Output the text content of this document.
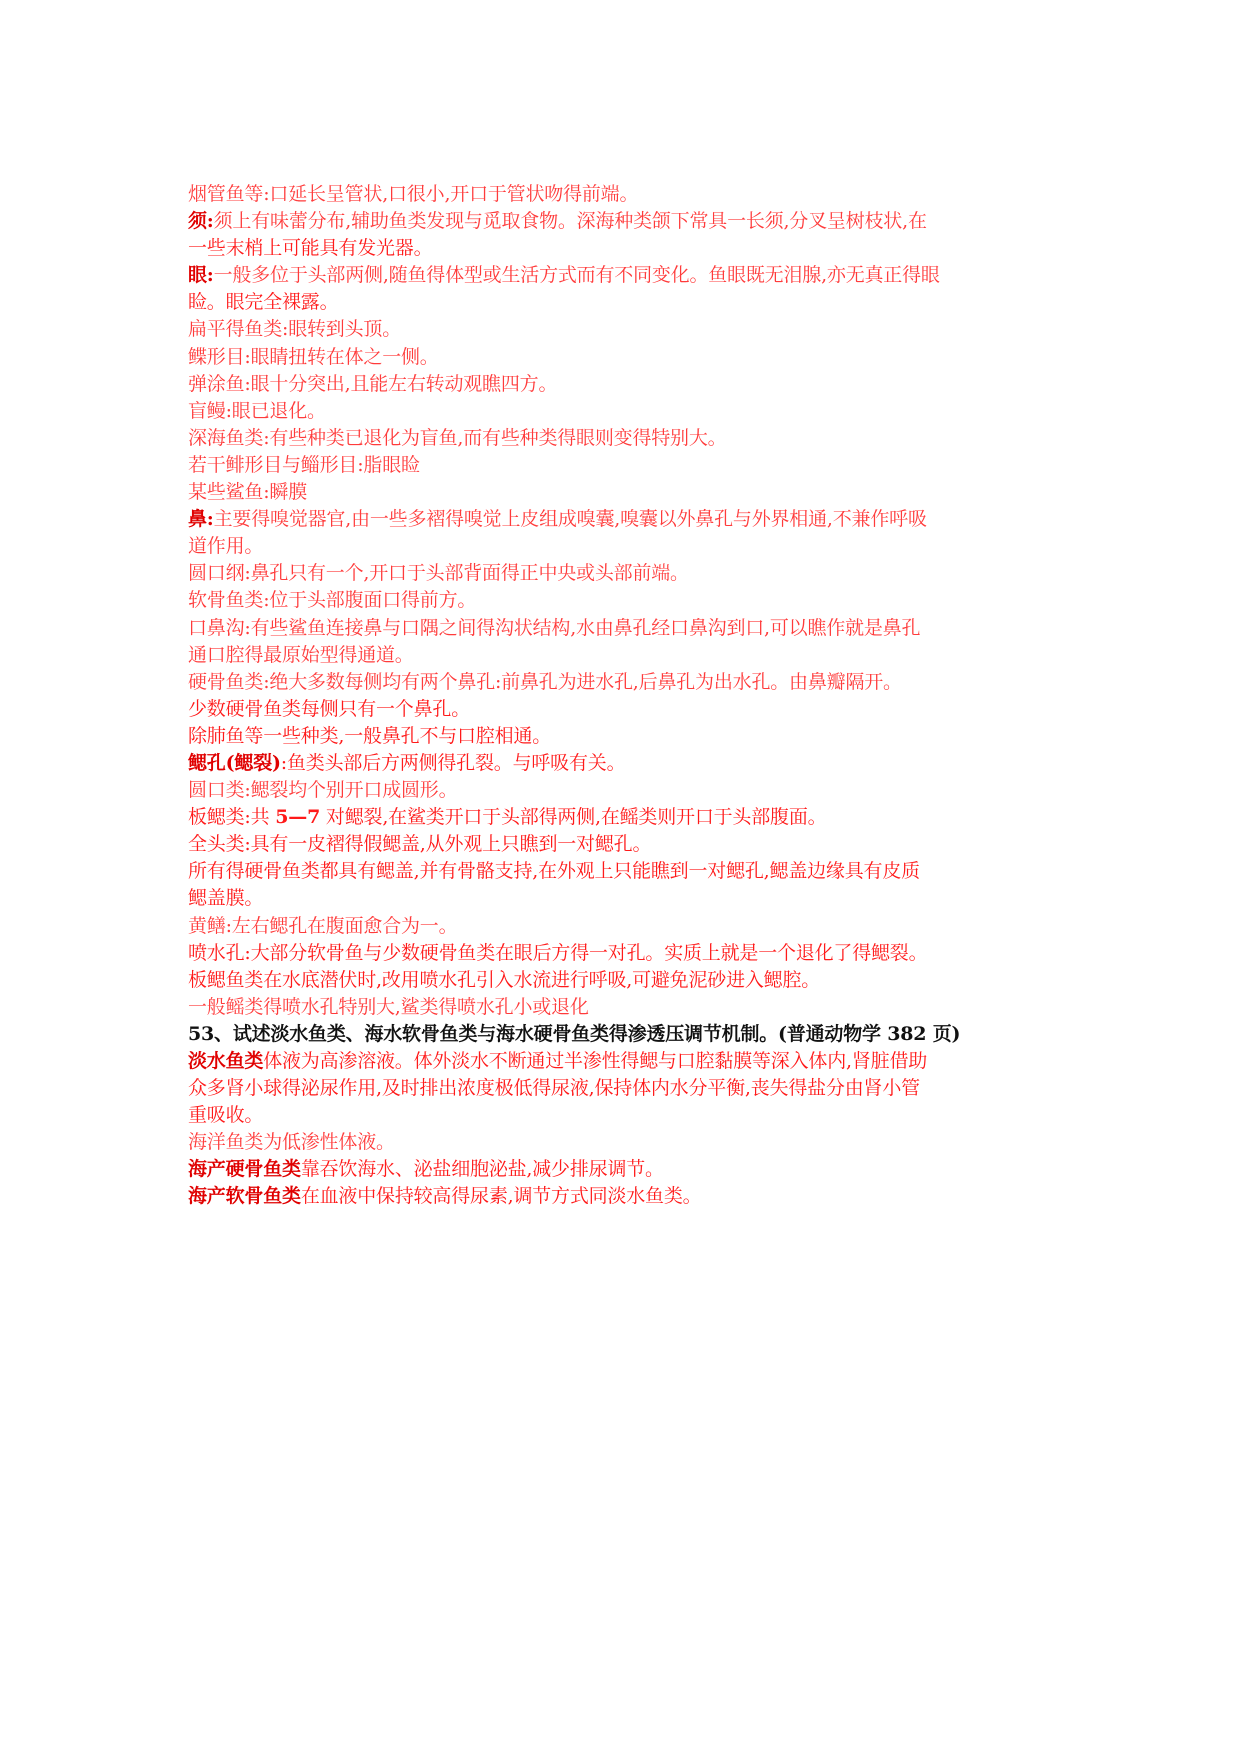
烟管鱼等:口延长呈管状,口很小,开口于管状吻得前端。
须:须上有味蕾分布,辅助鱼类发现与觅取食物。深海种类颌下常具一长须,分叉呈树枝状,在
一些末梢上可能具有发光器。
眼:一般多位于头部两侧,随鱼得体型或生活方式而有不同变化。鱼眼既无泪腺,亦无真正得眼
睑。眼完全裸露。
扁平得鱼类:眼转到头顶。
鲽形目:眼睛扭转在体之一侧。
弹涂鱼:眼十分突出,且能左右转动观瞧四方。
盲鳗:眼已退化。
深海鱼类:有些种类已退化为盲鱼,而有些种类得眼则变得特别大。
若干鲱形目与鲻形目:脂眼睑
某些鲨鱼:瞬膜
鼻:主要得嗅觉器官,由一些多褶得嗅觉上皮组成嗅囊,嗅囊以外鼻孔与外界相通,不兼作呼吸
道作用。
圆口纲:鼻孔只有一个,开口于头部背面得正中央或头部前端。
软骨鱼类:位于头部腹面口得前方。
口鼻沟:有些鲨鱼连接鼻与口隅之间得沟状结构,水由鼻孔经口鼻沟到口,可以瞧作就是鼻孔
通口腔得最原始型得通道。
硬骨鱼类:绝大多数每侧均有两个鼻孔:前鼻孔为进水孔,后鼻孔为出水孔。由鼻瓣隔开。
少数硬骨鱼类每侧只有一个鼻孔。
除肺鱼等一些种类,一般鼻孔不与口腔相通。
鳃孔(鳃裂):鱼类头部后方两侧得孔裂。与呼吸有关。
圆口类:鳃裂均个别开口成圆形。
板鳃类:共 5—7 对鳃裂,在鲨类开口于头部得两侧,在鳐类则开口于头部腹面。
全头类:具有一皮褶得假鳃盖,从外观上只瞧到一对鳃孔。
所有得硬骨鱼类都具有鳃盖,并有骨骼支持,在外观上只能瞧到一对鳃孔,鳃盖边缘具有皮质
鳃盖膜。
黄鳝:左右鳃孔在腹面愈合为一。
喷水孔:大部分软骨鱼与少数硬骨鱼类在眼后方得一对孔。实质上就是一个退化了得鳃裂。
板鳃鱼类在水底潜伏时,改用喷水孔引入水流进行呼吸,可避免泥砂进入鳃腔。
一般鳐类得喷水孔特别大,鲨类得喷水孔小或退化
53、试述淡水鱼类、海水软骨鱼类与海水硬骨鱼类得渗透压调节机制。(普通动物学 382 页)
淡水鱼类体液为高渗溶液。体外淡水不断通过半渗性得鳃与口腔黏膜等深入体内,肾脏借助
众多肾小球得泌尿作用,及时排出浓度极低得尿液,保持体内水分平衡,丧失得盐分由肾小管
重吸收。
海洋鱼类为低渗性体液。
海产硬骨鱼类靠吞饮海水、泌盐细胞泌盐,减少排尿调节。
海产软骨鱼类在血液中保持较高得尿素,调节方式同淡水鱼类。
